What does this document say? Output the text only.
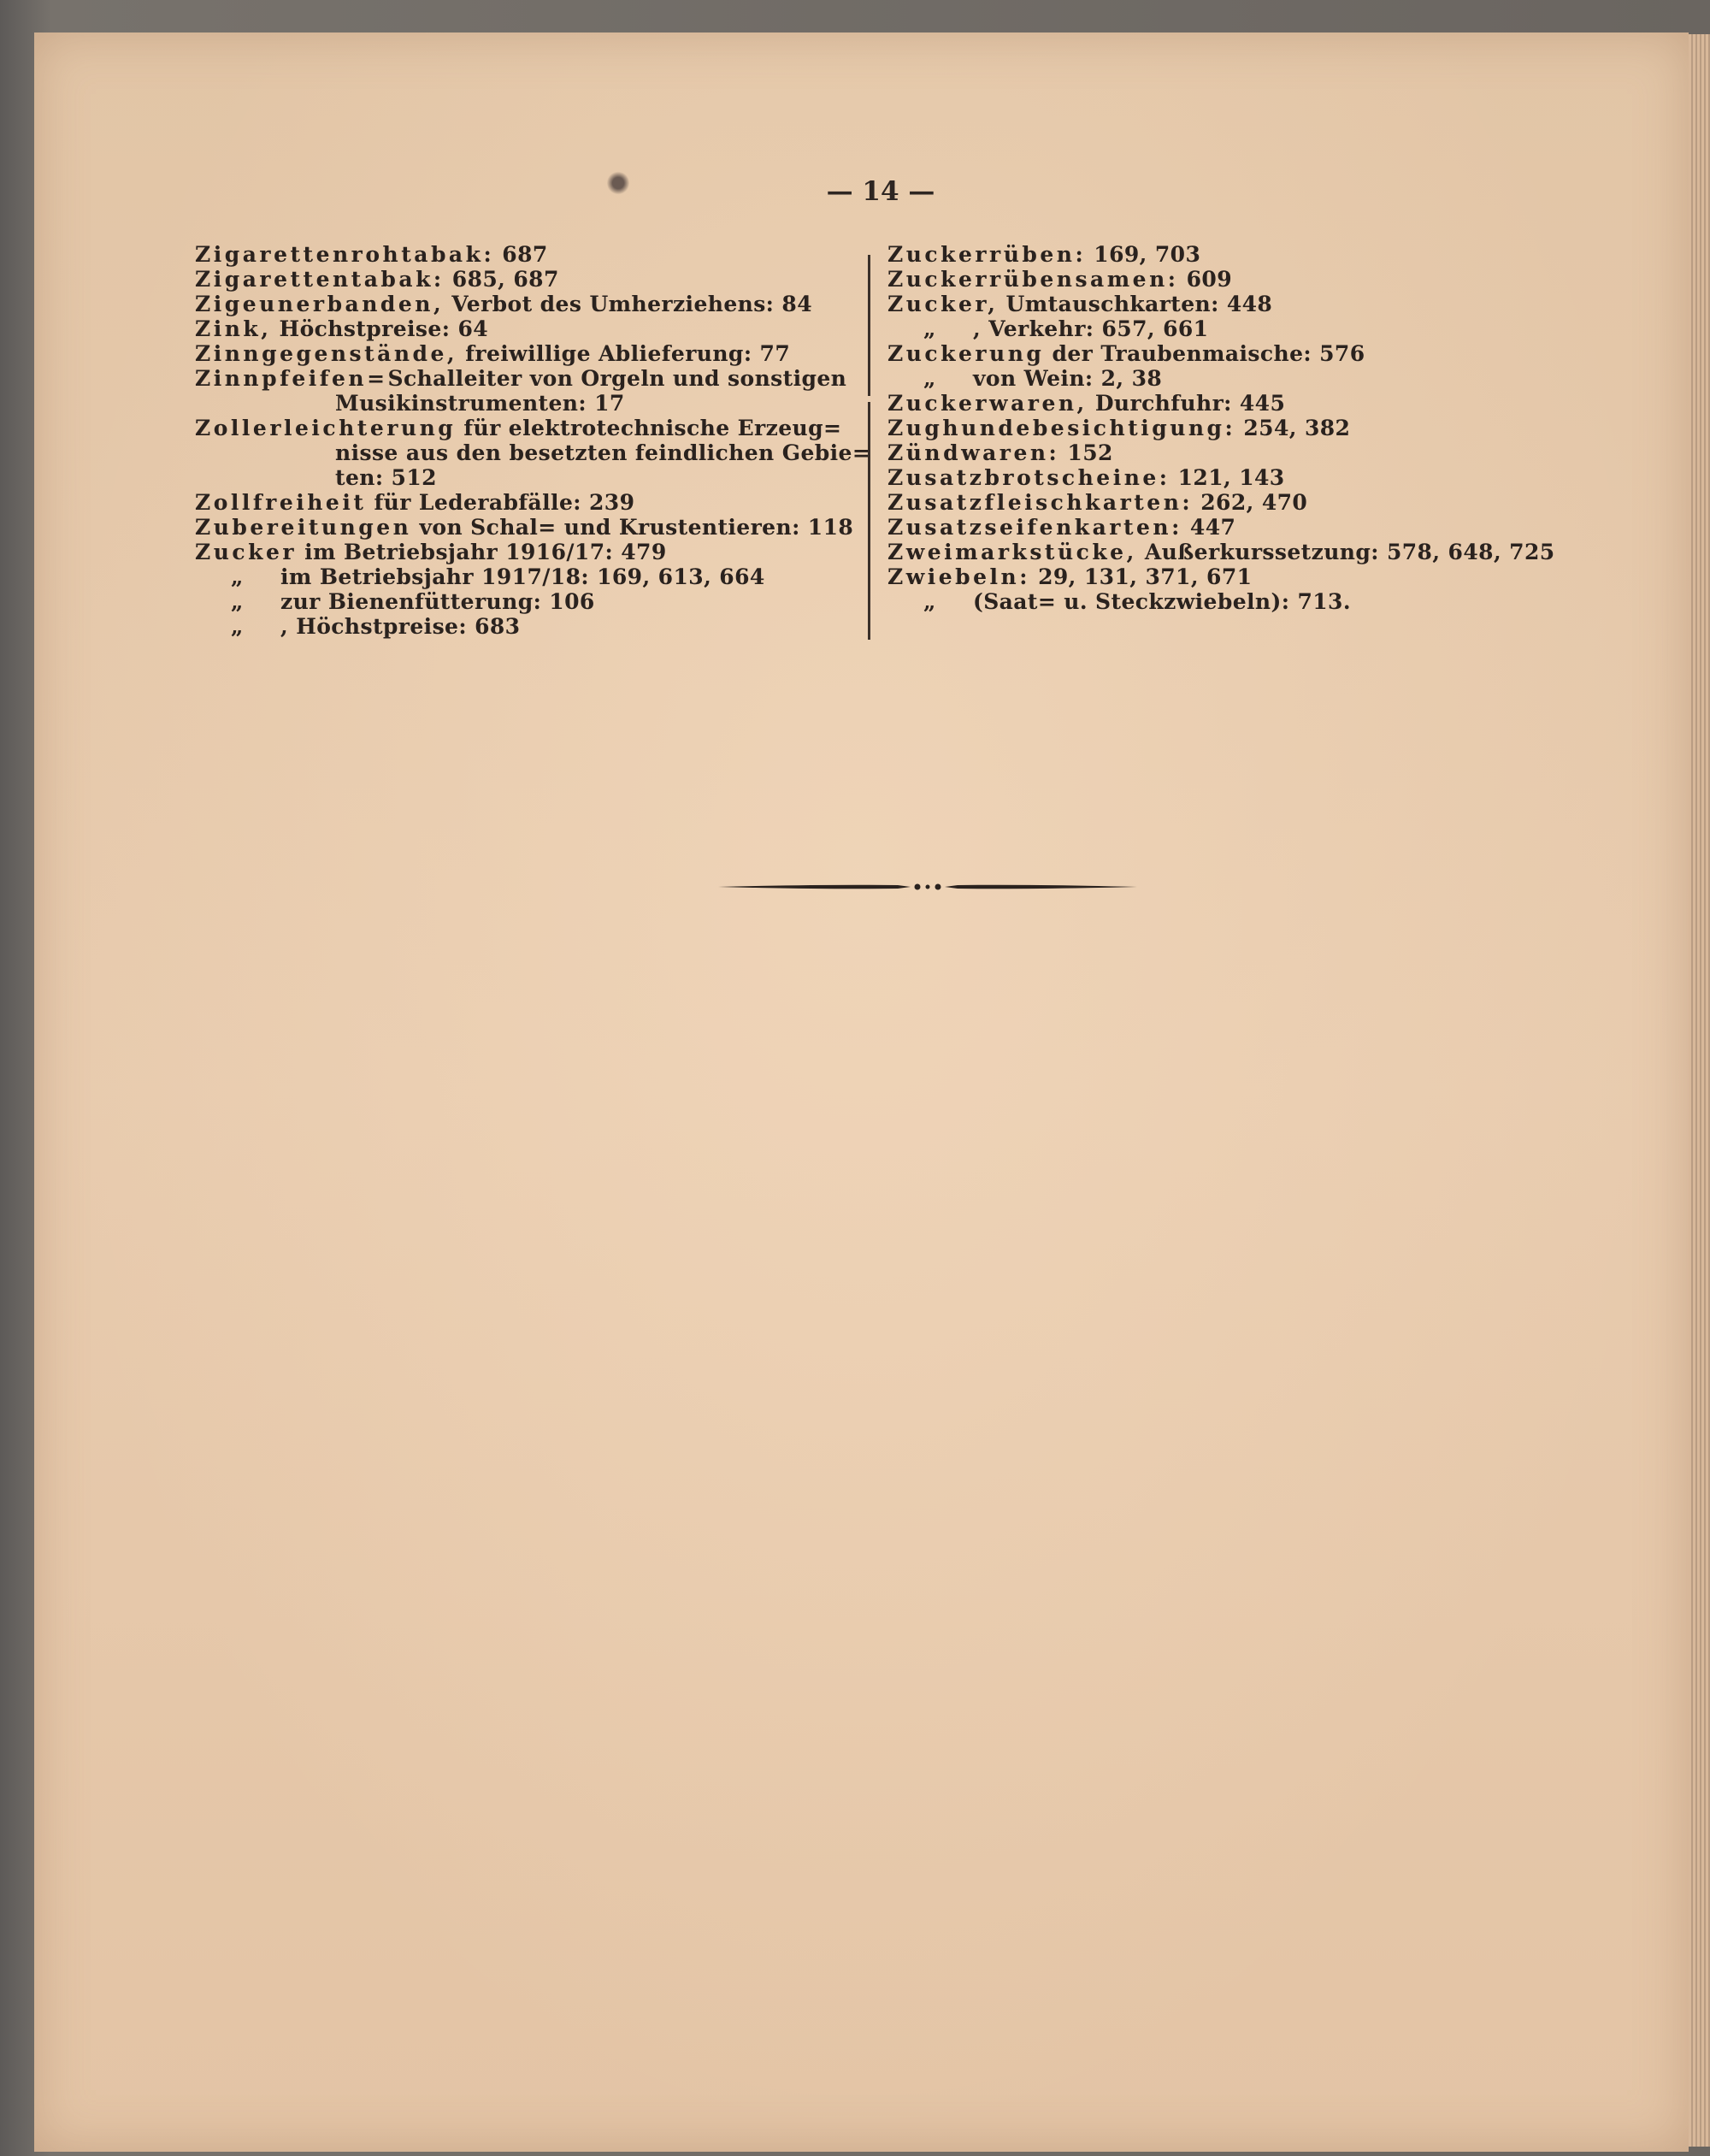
— 14 —
Zigarettenrohtabak: 687
Zigarettentabak: 685, 687
Zigeunerbanden, Verbot des Umherziehens: 84
Zink, Höchstpreise: 64
Zinngegenstände, freiwillige Ablieferung: 77
Zinnpfeifen=Schalleiter von Orgeln und sonstigen
Musikinstrumenten: 17
Zollerleichterung für elektrotechnische Erzeug=
nisse aus den besetzten feindlichen Gebie=
ten: 512
Zollfreiheit für Lederabfälle: 239
Zubereitungen von Schal= und Krustentieren: 118
Zucker im Betriebsjahr 1916/17: 479
„ im Betriebsjahr 1917/18: 169, 613, 664
„ zur Bienenfütterung: 106
„ , Höchstpreise: 683
Zuckerrüben: 169, 703
Zuckerrübensamen: 609
Zucker, Umtauschkarten: 448
„ , Verkehr: 657, 661
Zuckerung der Traubenmaische: 576
„ von Wein: 2, 38
Zuckerwaren, Durchfuhr: 445
Zughundebesichtigung: 254, 382
Zündwaren: 152
Zusatzbrotscheine: 121, 143
Zusatzfleischkarten: 262, 470
Zusatzseifenkarten: 447
Zweimarkstücke, Außerkurssetzung: 578, 648, 725
Zwiebeln: 29, 131, 371, 671
„ (Saat= u. Steckzwiebeln): 713.
